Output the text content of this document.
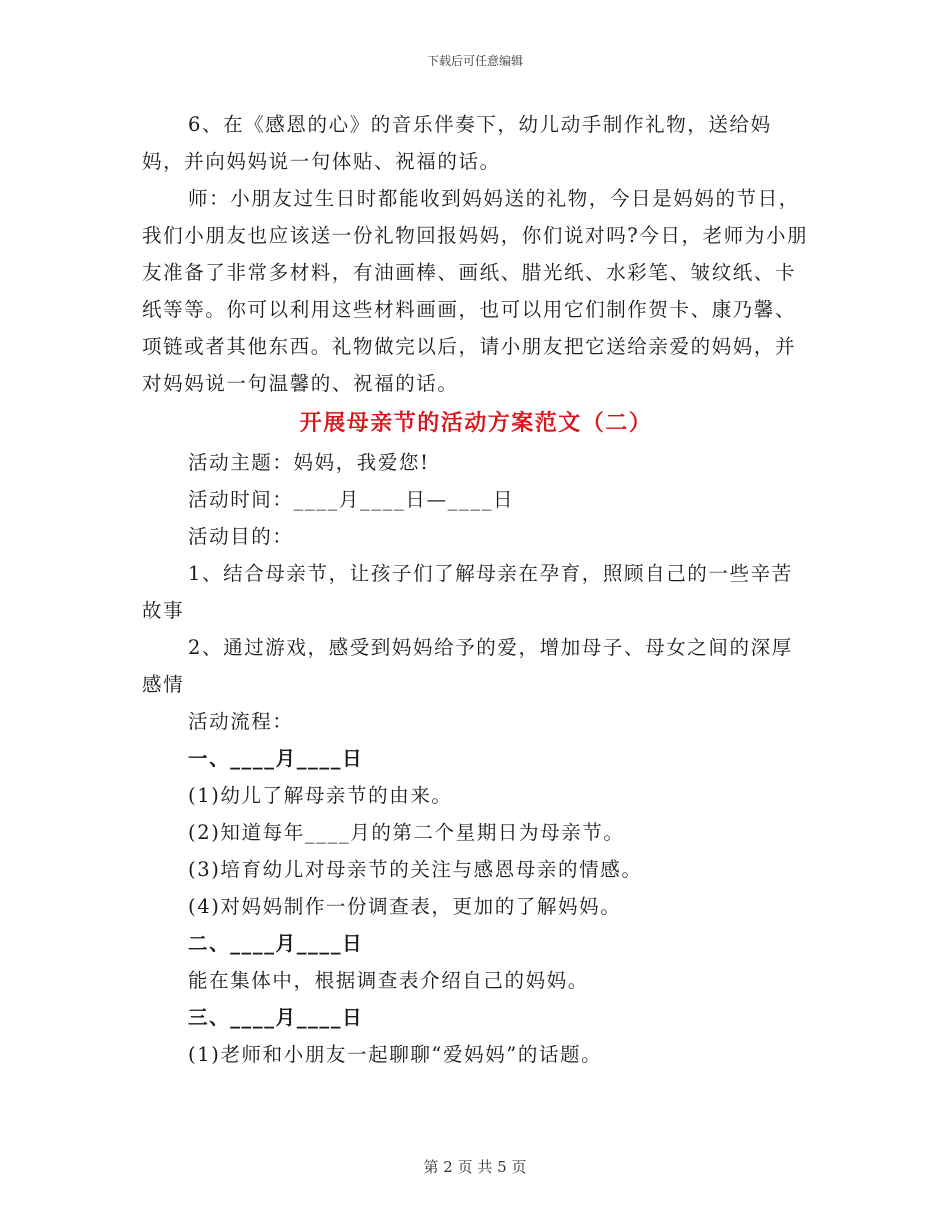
下载后可任意编辑

6、在《感恩的心》的音乐伴奏下，幼儿动手制作礼物，送给妈妈，并向妈妈说一句体贴、祝福的话。

师：小朋友过生日时都能收到妈妈送的礼物，今日是妈妈的节日，我们小朋友也应该送一份礼物回报妈妈，你们说对吗?今日，老师为小朋友准备了非常多材料，有油画棒、画纸、腊光纸、水彩笔、皱纹纸、卡纸等等。你可以利用这些材料画画，也可以用它们制作贺卡、康乃馨、项链或者其他东西。礼物做完以后，请小朋友把它送给亲爱的妈妈，并对妈妈说一句温馨的、祝福的话。

开展母亲节的活动方案范文（二）

活动主题：妈妈，我爱您!

活动时间：____月____日—____日

活动目的：

1、结合母亲节，让孩子们了解母亲在孕育，照顾自己的一些辛苦故事

2、通过游戏，感受到妈妈给予的爱，增加母子、母女之间的深厚感情

活动流程：

一、____月____日

(1)幼儿了解母亲节的由来。

(2)知道每年____月的第二个星期日为母亲节。

(3)培育幼儿对母亲节的关注与感恩母亲的情感。

(4)对妈妈制作一份调查表，更加的了解妈妈。

二、____月____日

能在集体中，根据调查表介绍自己的妈妈。

三、____月____日

(1)老师和小朋友一起聊聊“爱妈妈”的话题。

第 2 页 共 5 页
